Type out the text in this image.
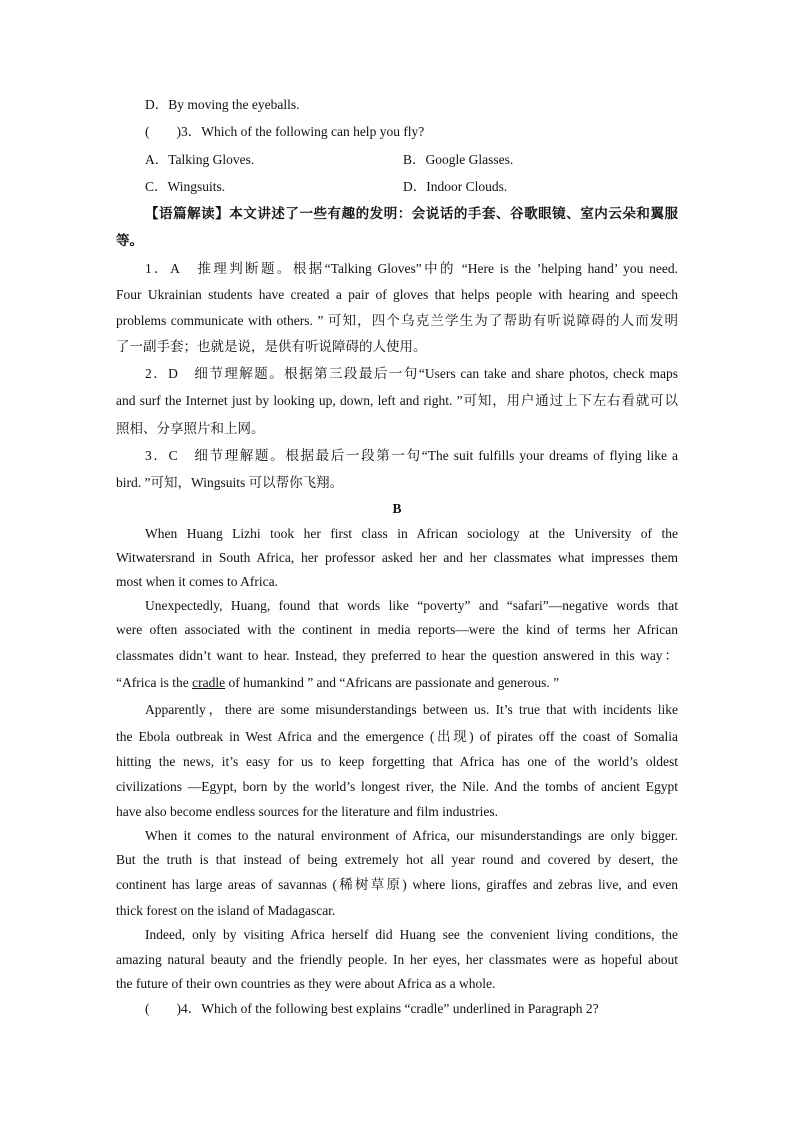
D．By moving the eyeballs.
(　　)3．Which of the following can help you fly?
A．Talking Gloves.	B．Google Glasses.
C．Wingsuits.	D．Indoor Clouds.
【语篇解读】本文讲述了一些有趣的发明：会说话的手套、谷歌眼镜、室内云朵和翼服
等。
1．A　推理判断题。根据“Talking Gloves”中的 “Here is the ’helping hand’ you need.
Four Ukrainian students have created a pair of gloves that helps people with hearing and speech
problems communicate with others. ” 可知，四个乌克兰学生为了帮助有听说障碍的人而发明
了一副手套；也就是说，是供有听说障碍的人使用。
2．D　细节理解题。根据第三段最后一句“Users can take and share photos, check maps
and surf the Internet just by looking up, down, left and right. ”可知，用户通过上下左右看就可以
照相、分享照片和上网。
3．C　细节理解题。根据最后一段第一句“The suit fulfills your dreams of flying like a
bird. ”可知，Wingsuits 可以帮你飞翔。
B
When Huang Lizhi took her first class in African sociology at the University of the
Witwatersrand in South Africa, her professor asked her and her classmates what impresses them
most when it comes to Africa.
Unexpectedly, Huang, found that words like “poverty” and “safari”—negative words that
were often associated with the continent in media reports—were the kind of terms her African
classmates didn’t want to hear. Instead, they preferred to hear the question answered in this way：
“Africa is the cradle of humankind ” and “Africans are passionate and generous. ”
Apparently，there are some misunderstandings between us. It’s true that with incidents like
the Ebola outbreak in West Africa and the emergence (出现) of pirates off the coast of Somalia
hitting the news, it’s easy for us to keep forgetting that Africa has one of the world’s oldest
civilizations —Egypt, born by the world’s longest river, the Nile. And the tombs of ancient Egypt
have also become endless sources for the literature and film industries.
When it comes to the natural environment of Africa, our misunderstandings are only bigger.
But the truth is that instead of being extremely hot all year round and covered by desert, the
continent has large areas of savannas (稀树草原) where lions, giraffes and zebras live, and even
thick forest on the island of Madagascar.
Indeed, only by visiting Africa herself did Huang see the convenient living conditions, the
amazing natural beauty and the friendly people. In her eyes, her classmates were as hopeful about
the future of their own countries as they were about Africa as a whole.
(　　)4．Which of the following best explains “cradle” underlined in Paragraph 2?
